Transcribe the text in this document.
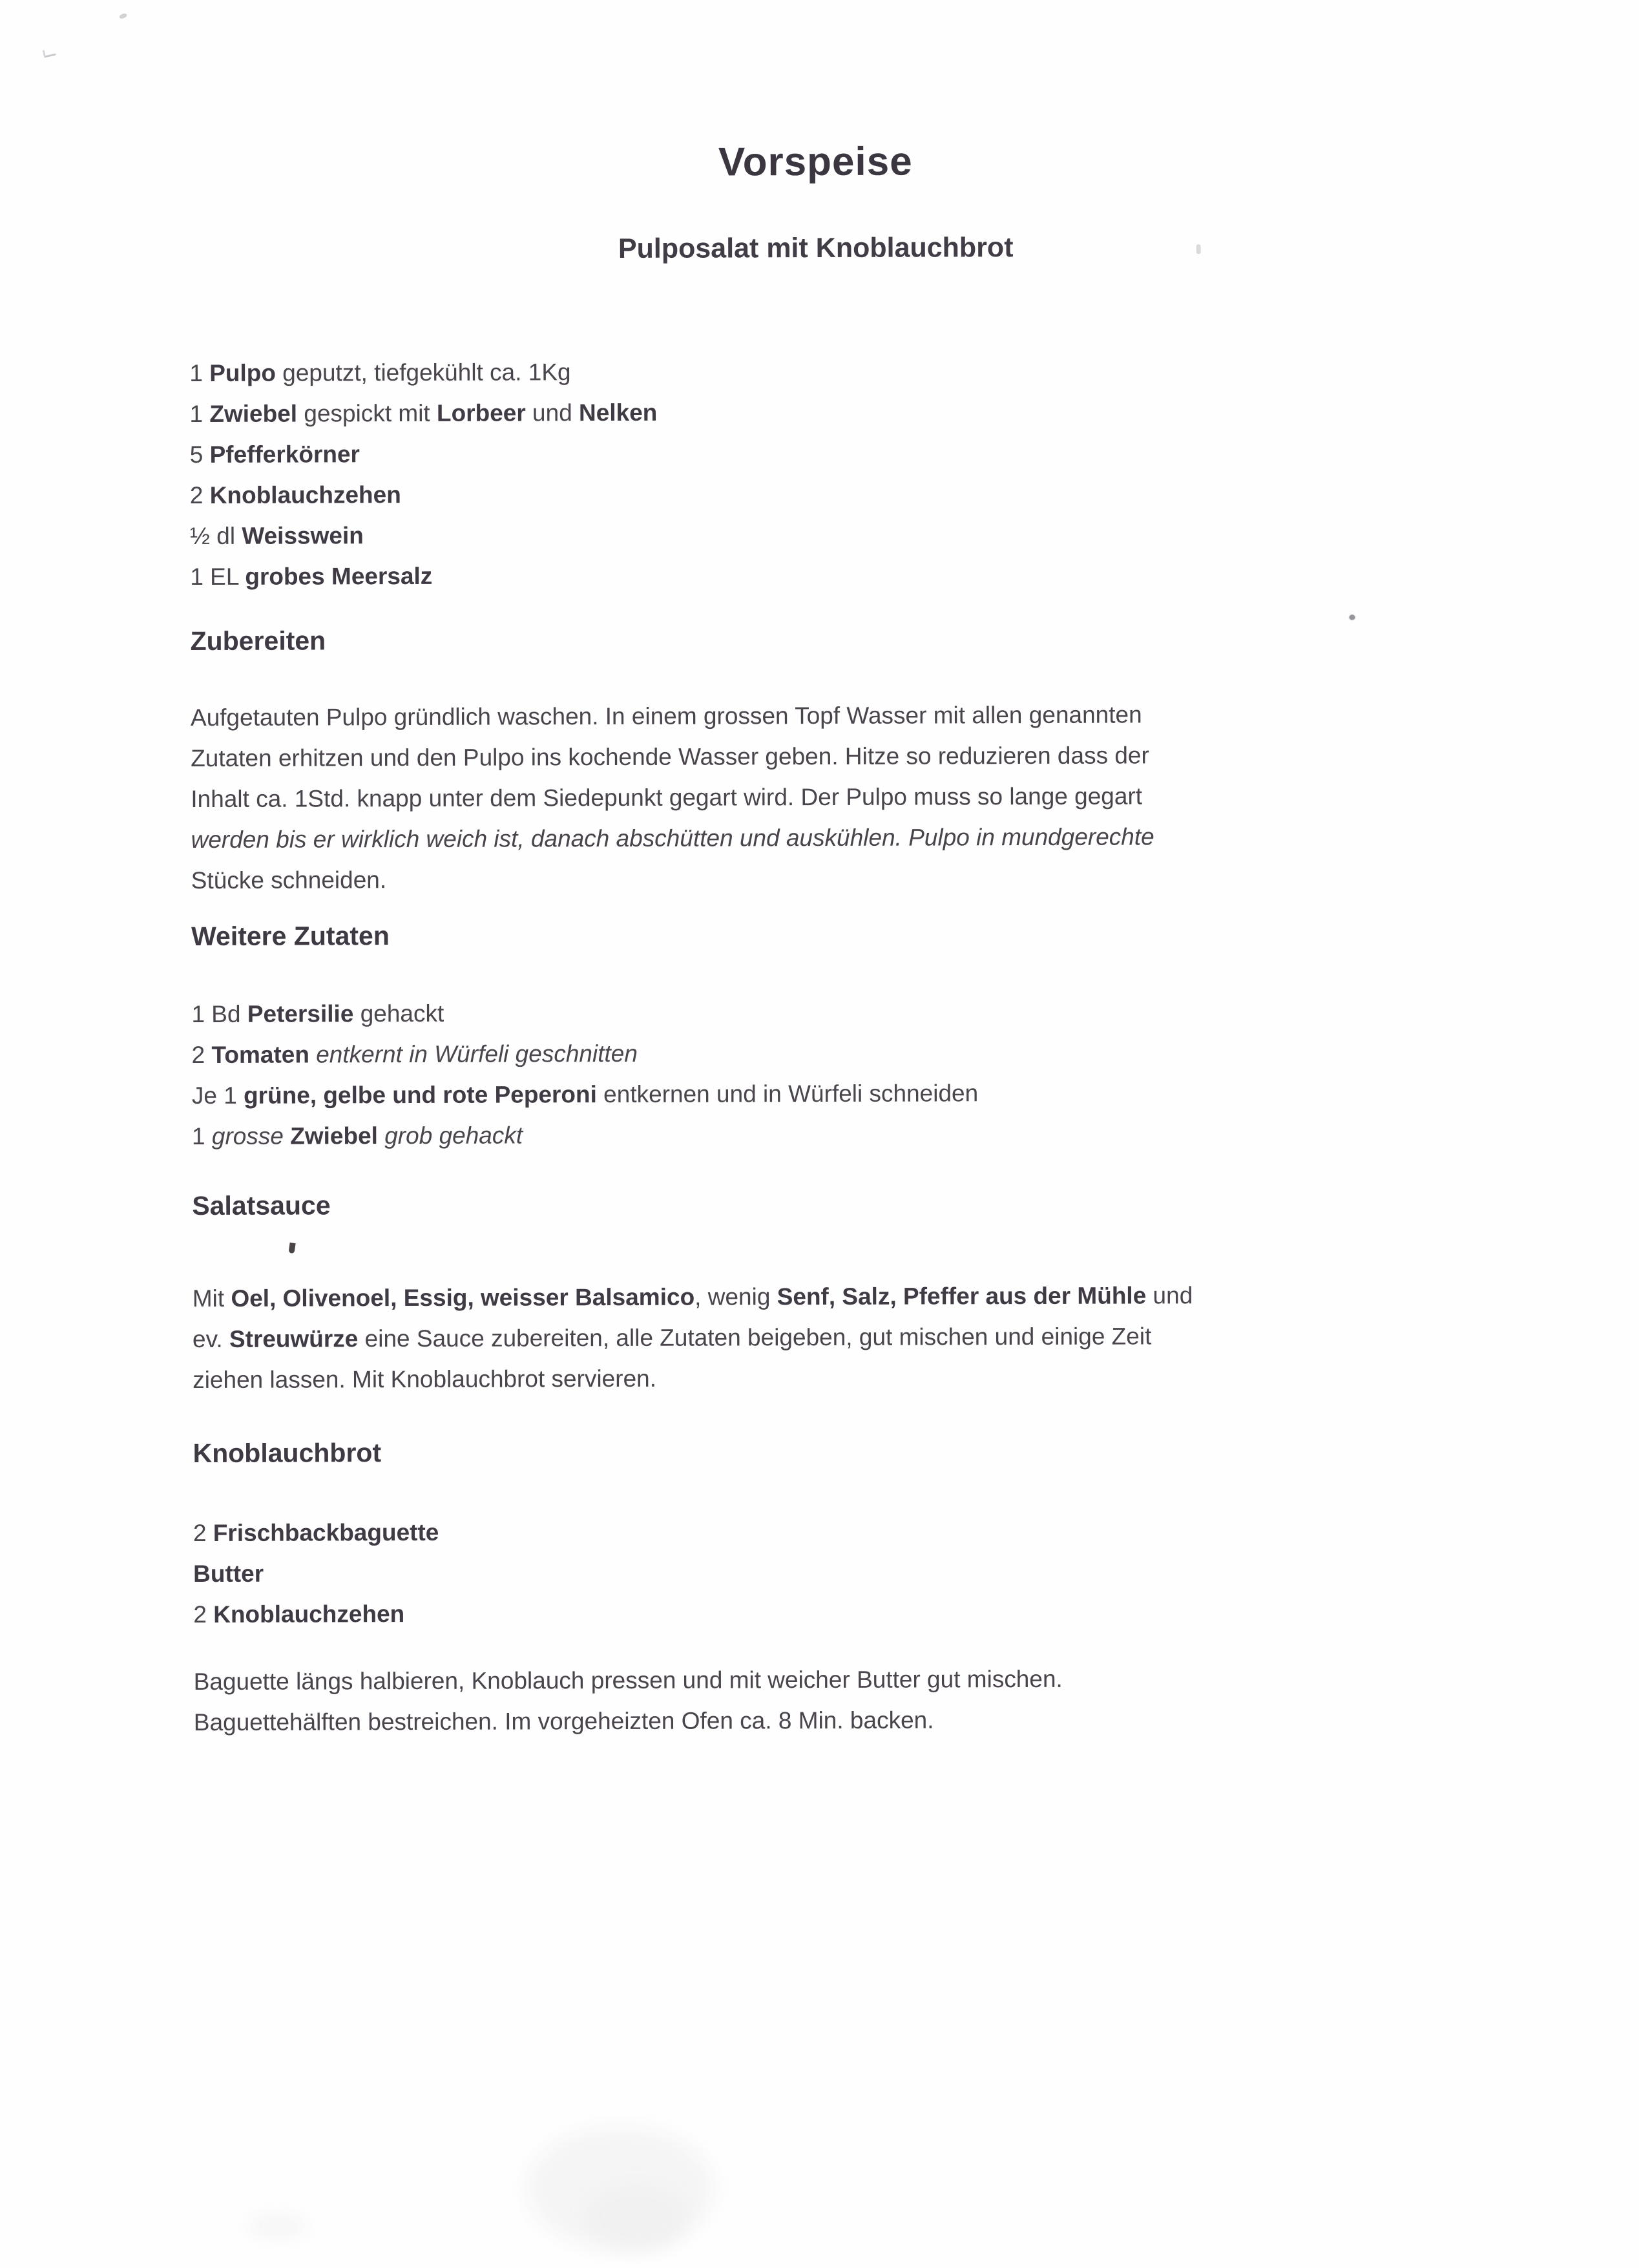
Vorspeise
Pulposalat mit Knoblauchbrot
1 Pulpo geputzt, tiefgekühlt ca. 1Kg
1 Zwiebel gespickt mit Lorbeer und Nelken
5 Pfefferkörner
2 Knoblauchzehen
½ dl Weisswein
1 EL grobes Meersalz
Zubereiten
Aufgetauten Pulpo gründlich waschen. In einem grossen Topf Wasser mit allen genannten
Zutaten erhitzen und den Pulpo ins kochende Wasser geben. Hitze so reduzieren dass der
Inhalt ca. 1Std. knapp unter dem Siedepunkt gegart wird. Der Pulpo muss so lange gegart
werden bis er wirklich weich ist, danach abschütten und auskühlen. Pulpo in mundgerechte
Stücke schneiden.
Weitere Zutaten
1 Bd Petersilie gehackt
2 Tomaten entkernt in Würfeli geschnitten
Je 1 grüne, gelbe und rote Peperoni entkernen und in Würfeli schneiden
1 grosse Zwiebel grob gehackt
Salatsauce
Mit Oel, Olivenoel, Essig, weisser Balsamico, wenig Senf, Salz, Pfeffer aus der Mühle und
ev. Streuwürze eine Sauce zubereiten, alle Zutaten beigeben, gut mischen und einige Zeit
ziehen lassen. Mit Knoblauchbrot servieren.
Knoblauchbrot
2 Frischbackbaguette
Butter
2 Knoblauchzehen
Baguette längs halbieren, Knoblauch pressen und mit weicher Butter gut mischen.
Baguettehälften bestreichen. Im vorgeheizten Ofen ca. 8 Min. backen.
